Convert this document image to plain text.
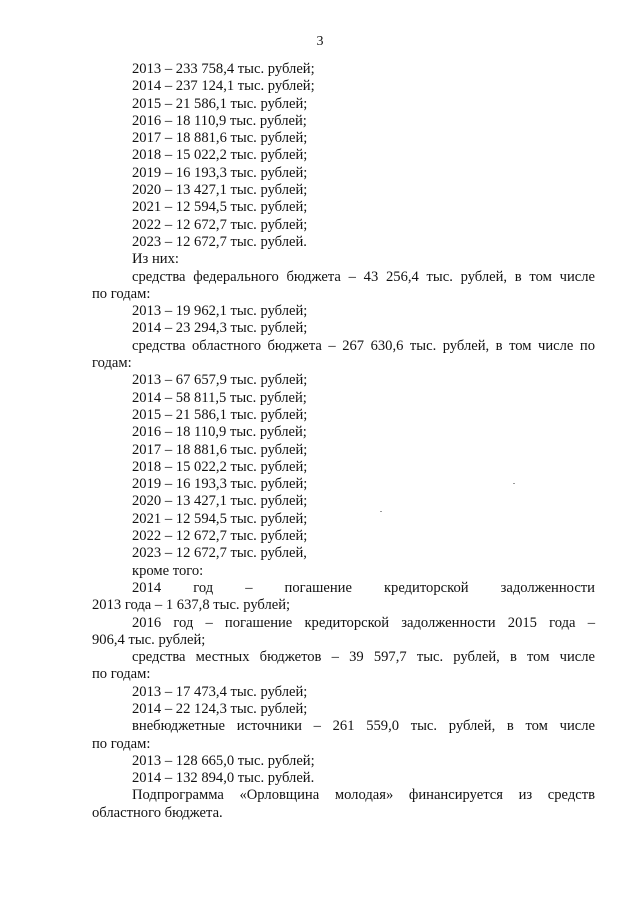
3

2013 – 233 758,4 тыс. рублей;

2014 – 237 124,1 тыс. рублей;

2015 – 21 586,1 тыс. рублей;

2016 – 18 110,9 тыс. рублей;

2017 – 18 881,6 тыс. рублей;

2018 – 15 022,2 тыс. рублей;

2019 – 16 193,3 тыс. рублей;

2020 – 13 427,1 тыс. рублей;

2021 – 12 594,5 тыс. рублей;

2022 – 12 672,7 тыс. рублей;

2023 – 12 672,7 тыс. рублей.

Из них:

средства федерального бюджета – 43 256,4 тыс. рублей, в том числе

по годам:

2013 – 19 962,1 тыс. рублей;

2014 – 23 294,3 тыс. рублей;

средства областного бюджета – 267 630,6 тыс. рублей, в том числе по

годам:

2013 – 67 657,9 тыс. рублей;

2014 – 58 811,5 тыс. рублей;

2015 – 21 586,1 тыс. рублей;

2016 – 18 110,9 тыс. рублей;

2017 – 18 881,6 тыс. рублей;

2018 – 15 022,2 тыс. рублей;

2019 – 16 193,3 тыс. рублей;

2020 – 13 427,1 тыс. рублей;

2021 – 12 594,5 тыс. рублей;

2022 – 12 672,7 тыс. рублей;

2023 – 12 672,7 тыс. рублей,

кроме того:

2014 год – погашение кредиторской задолженности

2013 года – 1 637,8 тыс. рублей;

2016 год – погашение кредиторской задолженности 2015 года –

906,4 тыс. рублей;

средства местных бюджетов – 39 597,7 тыс. рублей, в том числе

по годам:

2013 – 17 473,4 тыс. рублей;

2014 – 22 124,3 тыс. рублей;

внебюджетные источники – 261 559,0 тыс. рублей, в том числе

по годам:

2013 – 128 665,0 тыс. рублей;

2014 – 132 894,0 тыс. рублей.

Подпрограмма «Орловщина молодая» финансируется из средств

областного бюджета.
